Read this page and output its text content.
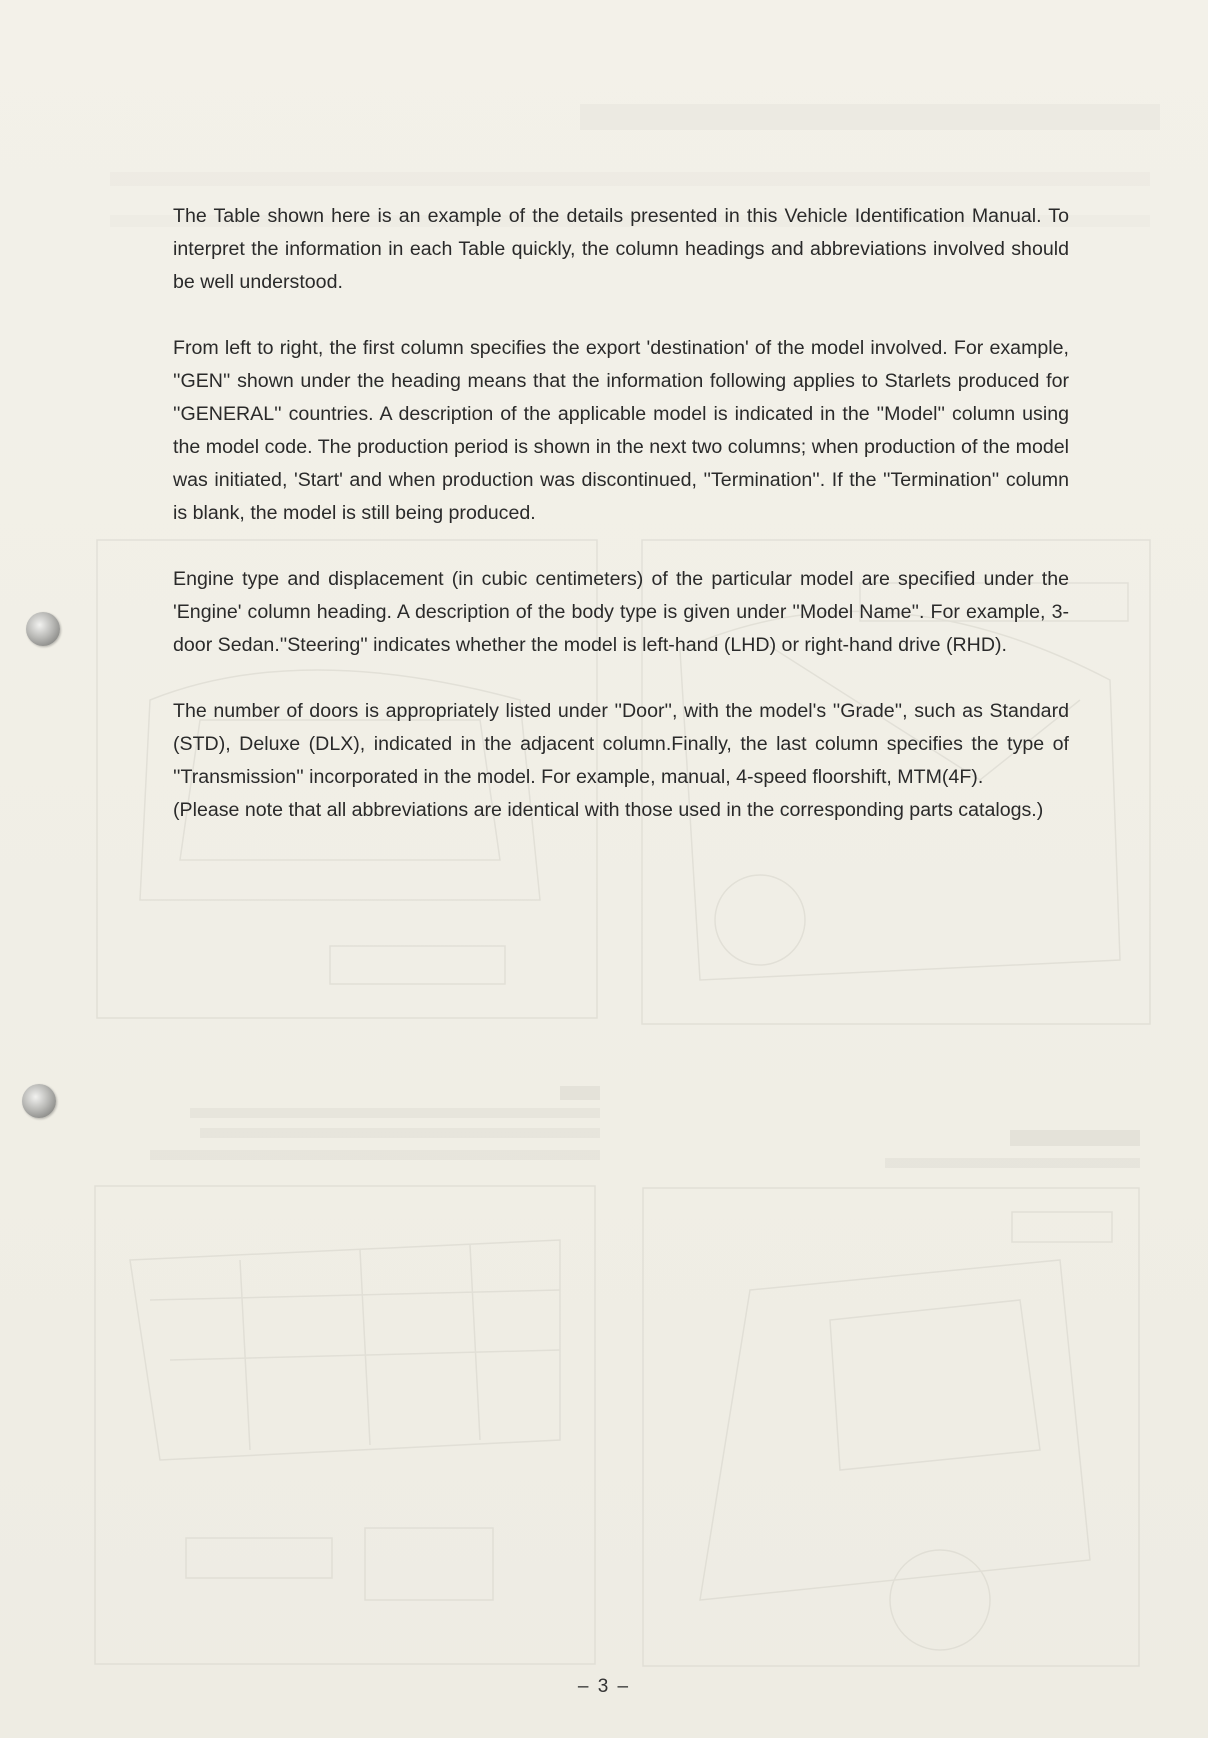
The Table shown here is an example of the details presented in this Vehicle Identification Manual. To interpret the information in each Table quickly, the column headings and abbreviations involved should be well understood.

From left to right, the first column specifies the export 'destination' of the model involved. For example, ''GEN'' shown under the heading means that the information following applies to Starlets produced for ''GENERAL'' countries. A description of the applicable model is indicated in the ''Model'' column using the model code. The production period is shown in the next two columns; when production of the model was initiated, 'Start' and when production was discontinued, ''Termination''. If the ''Termination'' column is blank, the model is still being produced.

Engine type and displacement (in cubic centimeters) of the particular model are specified under the 'Engine' column heading. A description of the body type is given under ''Model Name''. For example, 3-door Sedan.''Steering'' indicates whether the model is left-hand (LHD) or right-hand drive (RHD).

The number of doors is appropriately listed under ''Door'', with the model's ''Grade'', such as Standard (STD), Deluxe (DLX), indicated in the adjacent column.Finally, the last column specifies the type of ''Transmission'' incorporated in the model. For example, manual, 4-speed floorshift, MTM(4F).

(Please note that all abbreviations are identical with those used in the corresponding parts catalogs.)

– 3 –
